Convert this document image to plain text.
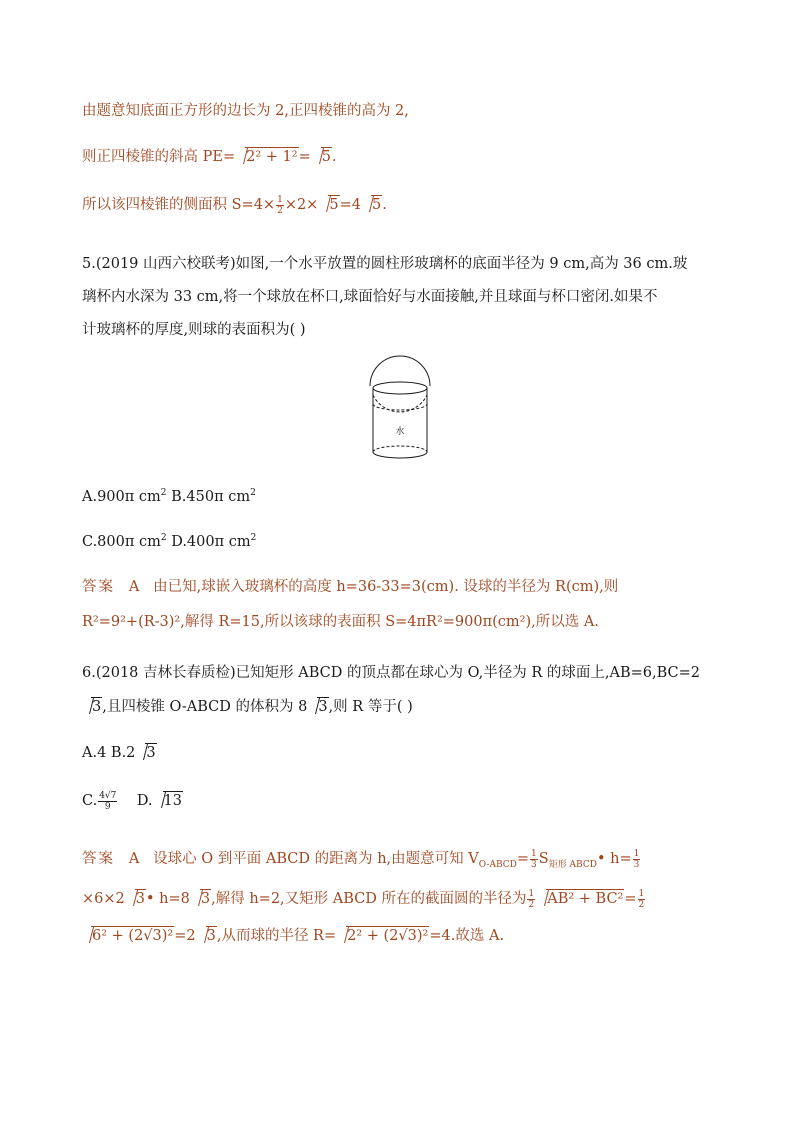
由题意知底面正方形的边长为 2,正四棱锥的高为 2,
则正四棱锥的斜高 PE= 2² + 1²= 5.
所以该四棱锥的侧面积 $S=4\times \frac{1}{2} \times 2\times 5=4$ 5.
5.(2019 山西六校联考)如图,一个水平放置的圆柱形玻璃杯的底面半径为 9 cm,高为 36 cm.玻
璃杯内水深为 33 cm,将一个球放在杯口,球面恰好与水面接触,并且球面与杯口密闭.如果不
计玻璃杯的厚度,则球的表面积为( )
水
A.900π $cm^2$ B.450π $cm^2$
C.800π $cm^2$ D.400π $cm^2$
答案 A 由已知,球嵌入玻璃杯的高度 h=36-33=3(cm). 设球的半径为 R(cm),则
R²=9²+(R-3)²,解得 R=15,所以该球的表面积 S=4πR²=900π(cm²),所以选 A.
6.(2018 吉林长春质检)已知矩形 ABCD 的顶点都在球心为 O,半径为 R 的球面上,AB=6,BC=2
3,且四棱锥 O-ABCD 的体积为 8 3,则 R 等于( )
A.4 B.2 3
C. $\frac{4√7}{9} D$. 13
答案 A 设球心 O 到平面 ABCD 的距离为 h,由题意可知 $V_{O-ABCD}= \frac{1}{3}$ $S_{矩形 ABCD}•$ $h= \frac{1}{3}$
×6×2 3• h=8 3,解得 h=2,又矩形 ABCD 所在的截面圆的半径为 $\frac{1}{2} AB^2 + BC^2= \frac{1}{2}$
6² + (2√3)²=2 3,从而球的半径 R= 2² + (2√3)²=4.故选 A.
